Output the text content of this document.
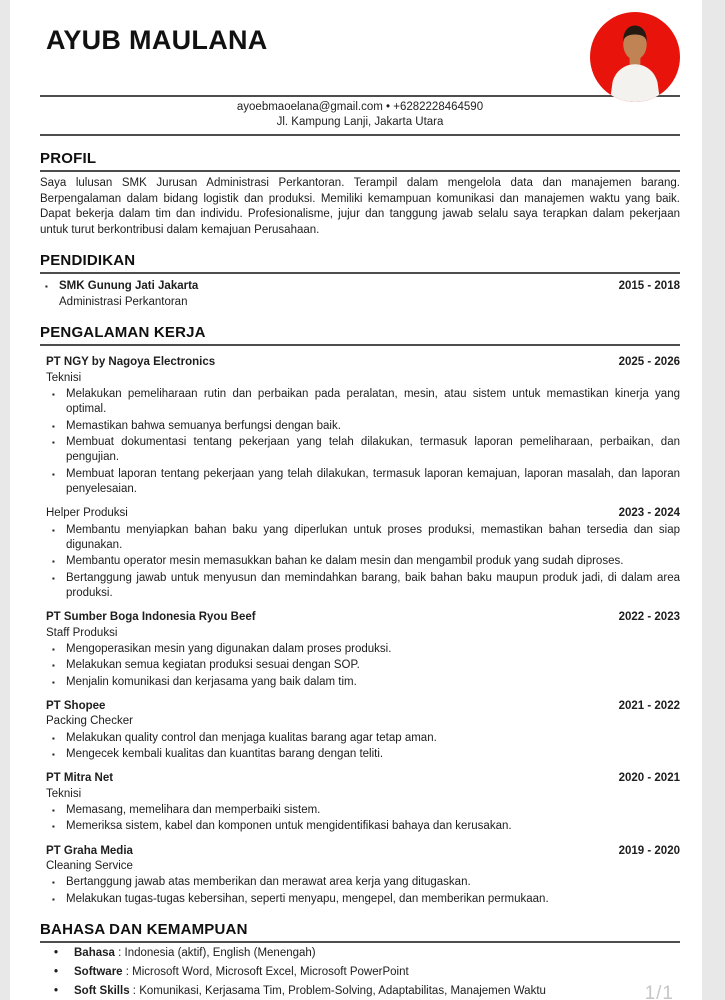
AYUB MAULANA
ayoebmaoelana@gmail.com • +6282228464590
Jl. Kampung Lanji, Jakarta Utara
PROFIL

Saya lulusan SMK Jurusan Administrasi Perkantoran. Terampil dalam mengelola data dan manajemen barang. Berpengalaman dalam bidang logistik dan produksi. Memiliki kemampuan komunikasi dan manajemen waktu yang baik. Dapat bekerja dalam tim dan individu. Profesionalisme, jujur dan tanggung jawab selalu saya terapkan dalam pekerjaan untuk turut berkontribusi dalam kemajuan Perusahaan.

PENDIDIKAN
▪ SMK Gunung Jati Jakarta	2015 - 2018
Administrasi Perkantoran
PENGALAMAN KERJA
PT NGY by Nagoya Electronics	2025 - 2026
Teknisi
▪ Melakukan pemeliharaan rutin dan perbaikan pada peralatan, mesin, atau sistem untuk memastikan kinerja yang optimal.
▪ Memastikan bahwa semuanya berfungsi dengan baik.
▪ Membuat dokumentasi tentang pekerjaan yang telah dilakukan, termasuk laporan pemeliharaan, perbaikan, dan pengujian.
▪ Membuat laporan tentang pekerjaan yang telah dilakukan, termasuk laporan kemajuan, laporan masalah, dan laporan penyelesaian.
Helper Produksi	2023 - 2024
▪ Membantu menyiapkan bahan baku yang diperlukan untuk proses produksi, memastikan bahan tersedia dan siap digunakan.
▪ Membantu operator mesin memasukkan bahan ke dalam mesin dan mengambil produk yang sudah diproses.
▪ Bertanggung jawab untuk menyusun dan memindahkan barang, baik bahan baku maupun produk jadi, di dalam area produksi.
PT Sumber Boga Indonesia Ryou Beef	2022 - 2023
Staff Produksi
▪ Mengoperasikan mesin yang digunakan dalam proses produksi.
▪ Melakukan semua kegiatan produksi sesuai dengan SOP.
▪ Menjalin komunikasi dan kerjasama yang baik dalam tim.
PT Shopee	2021 - 2022
Packing Checker
▪ Melakukan quality control dan menjaga kualitas barang agar tetap aman.
▪ Mengecek kembali kualitas dan kuantitas barang dengan teliti.
PT Mitra Net	2020 - 2021
Teknisi
▪ Memasang, memelihara dan memperbaiki sistem.
▪ Memeriksa sistem, kabel dan komponen untuk mengidentifikasi bahaya dan kerusakan.
PT Graha Media	2019 - 2020
Cleaning Service
▪ Bertanggung jawab atas memberikan dan merawat area kerja yang ditugaskan.
▪ Melakukan tugas-tugas kebersihan, seperti menyapu, mengepel, dan memberikan permukaan.
BAHASA DAN KEMAMPUAN
• Bahasa : Indonesia (aktif), English (Menengah)
• Software : Microsoft Word, Microsoft Excel, Microsoft PowerPoint
• Soft Skills : Komunikasi, Kerjasama Tim, Problem-Solving, Adaptabilitas, Manajemen Waktu	1/1
